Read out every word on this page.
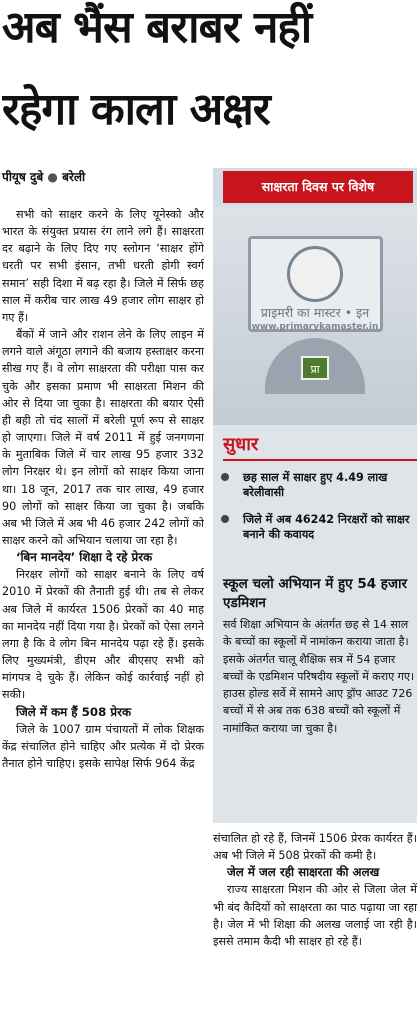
अब भैंस बराबर नहीं
रहेगा काला अक्षर
पीयूष दुबे ● बरेली
साक्षरता दिवस पर विशेष
प्राइमरी का मास्टर • इन
www.primarykamaster.in
प्रा
सुधार
छह साल में साक्षर हुए 4.49 लाख बरेलीवासी
जिले में अब 46242 निरक्षरों को साक्षर बनाने की कवायद
स्कूल चलो अभियान में हुए 54 हजार एडमिशन
सर्व शिक्षा अभियान के अंतर्गत छह से 14 साल के बच्चों का स्कूलों में नामांकन कराया जाता है। इसके अंतर्गत चालू शैक्षिक सत्र में 54 हजार बच्चों के एडमिशन परिषदीय स्कूलों में कराए गए। हाउस होल्ड सर्वे में सामने आए ड्रॉप आउट 726 बच्चों में से अब तक 638 बच्चों को स्कूलों में नामांकित कराया जा चुका है।

सभी को साक्षर करने के लिए यूनेस्को और भारत के संयुक्त प्रयास रंग लाने लगे हैं। साक्षरता दर बढ़ाने के लिए दिए गए स्लोगन ‘साक्षर होंगे धरती पर सभी इंसान, तभी धरती होगी स्वर्ग समान’ सही दिशा में बढ़ रहा है। जिले में सिर्फ छह साल में करीब चार लाख 49 हजार लोग साक्षर हो गए हैं।

बैंकों में जाने और राशन लेने के लिए लाइन में लगने वाले अंगूठा लगाने की बजाय हस्ताक्षर करना सीख गए हैं। वे लोग साक्षरता की परीक्षा पास कर चुके और इसका प्रमाण भी साक्षरता मिशन की ओर से दिया जा चुका है। साक्षरता की बयार ऐसी ही बही तो चंद सालों में बरेली पूर्ण रूप से साक्षर हो जाएगा। जिले में वर्ष 2011 में हुई जनगणना के मुताबिक जिले में चार लाख 95 हजार 332 लोग निरक्षर थे। इन लोगों को साक्षर किया जाना था। 18 जून, 2017 तक चार लाख, 49 हजार 90 लोगों को साक्षर किया जा चुका है। जबकि अब भी जिले में अब भी 46 हजार 242 लोगों को साक्षर करने को अभियान चलाया जा रहा है।

‘बिन मानदेय’ शिक्षा दे रहे प्रेरक

निरक्षर लोगों को साक्षर बनाने के लिए वर्ष 2010 में प्रेरकों की तैनाती हुई थी। तब से लेकर अब जिले में कार्यरत 1506 प्रेरकों का 40 माह का मानदेय नहीं दिया गया है। प्रेरकों को ऐसा लगने लगा है कि वे लोग बिन मानदेय पढ़ा रहे हैं। इसके लिए मुख्यमंत्री, डीएम और बीएसए सभी को मांगपत्र दे चुके हैं। लेकिन कोई कार्रवाई नहीं हो सकी।

जिले में कम हैं 508 प्रेरक

जिले के 1007 ग्राम पंचायतों में लोक शिक्षक केंद्र संचालित होने चाहिए और प्रत्येक में दो प्रेरक तैनात होने चाहिए। इसके सापेक्ष सिर्फ 964 केंद्र

संचालित हो रहे हैं, जिनमें 1506 प्रेरक कार्यरत हैं। अब भी जिले में 508 प्रेरकों की कमी है।

जेल में जल रही साक्षरता की अलख

राज्य साक्षरता मिशन की ओर से जिला जेल में भी बंद कैदियों को साक्षरता का पाठ पढ़ाया जा रहा है। जेल में भी शिक्षा की अलख जलाई जा रही है। इससे तमाम कैदी भी साक्षर हो रहे हैं।
